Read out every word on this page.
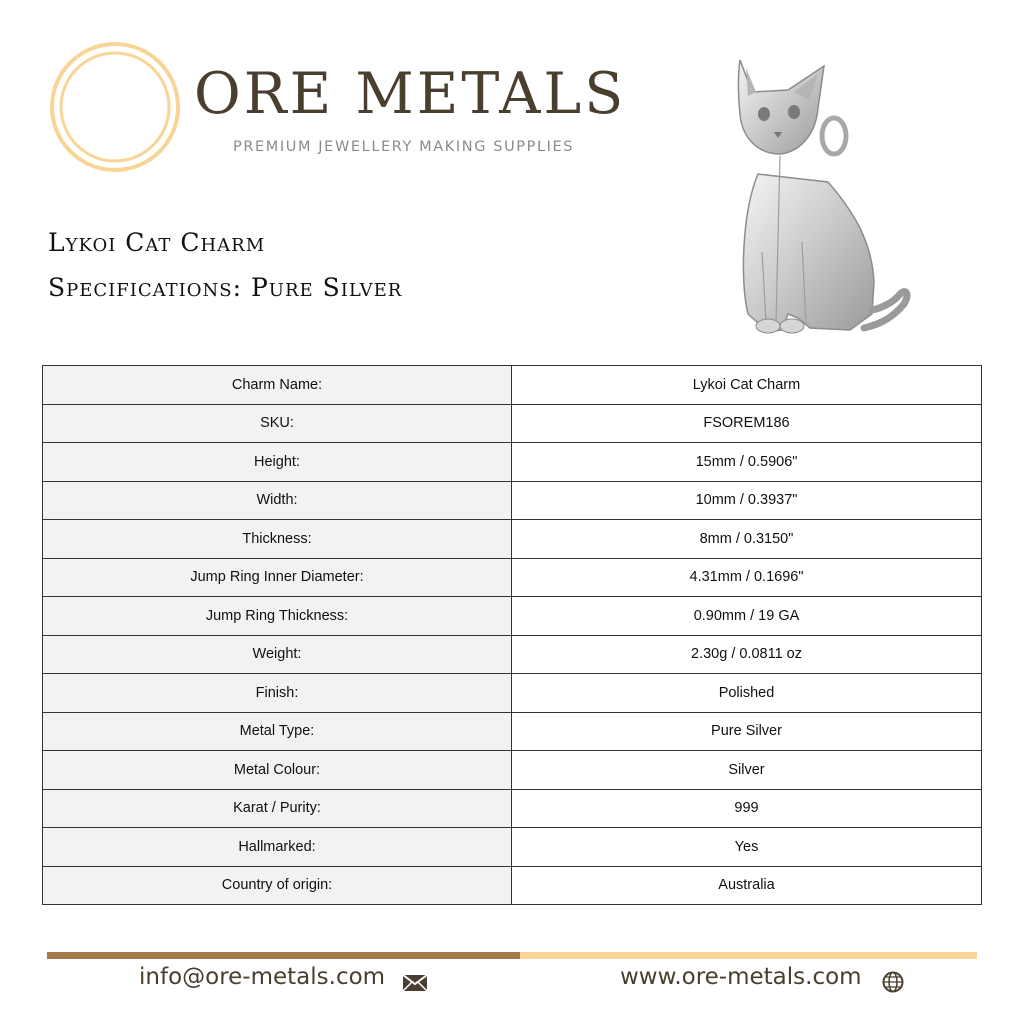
ORE METALS
PREMIUM JEWELLERY MAKING SUPPLIES
Lykoi Cat Charm
Specifications: Pure Silver
Charm Name:	Lykoi Cat Charm
SKU:	FSOREM186
Height:	15mm / 0.5906"
Width:	10mm / 0.3937"
Thickness:	8mm / 0.3150"
Jump Ring Inner Diameter:	4.31mm / 0.1696"
Jump Ring Thickness:	0.90mm / 19 GA
Weight:	2.30g / 0.0811 oz
Finish:	Polished
Metal Type:	Pure Silver
Metal Colour:	Silver
Karat / Purity:	999
Hallmarked:	Yes
Country of origin:	Australia
info@ore-metals.com	www.ore-metals.com
